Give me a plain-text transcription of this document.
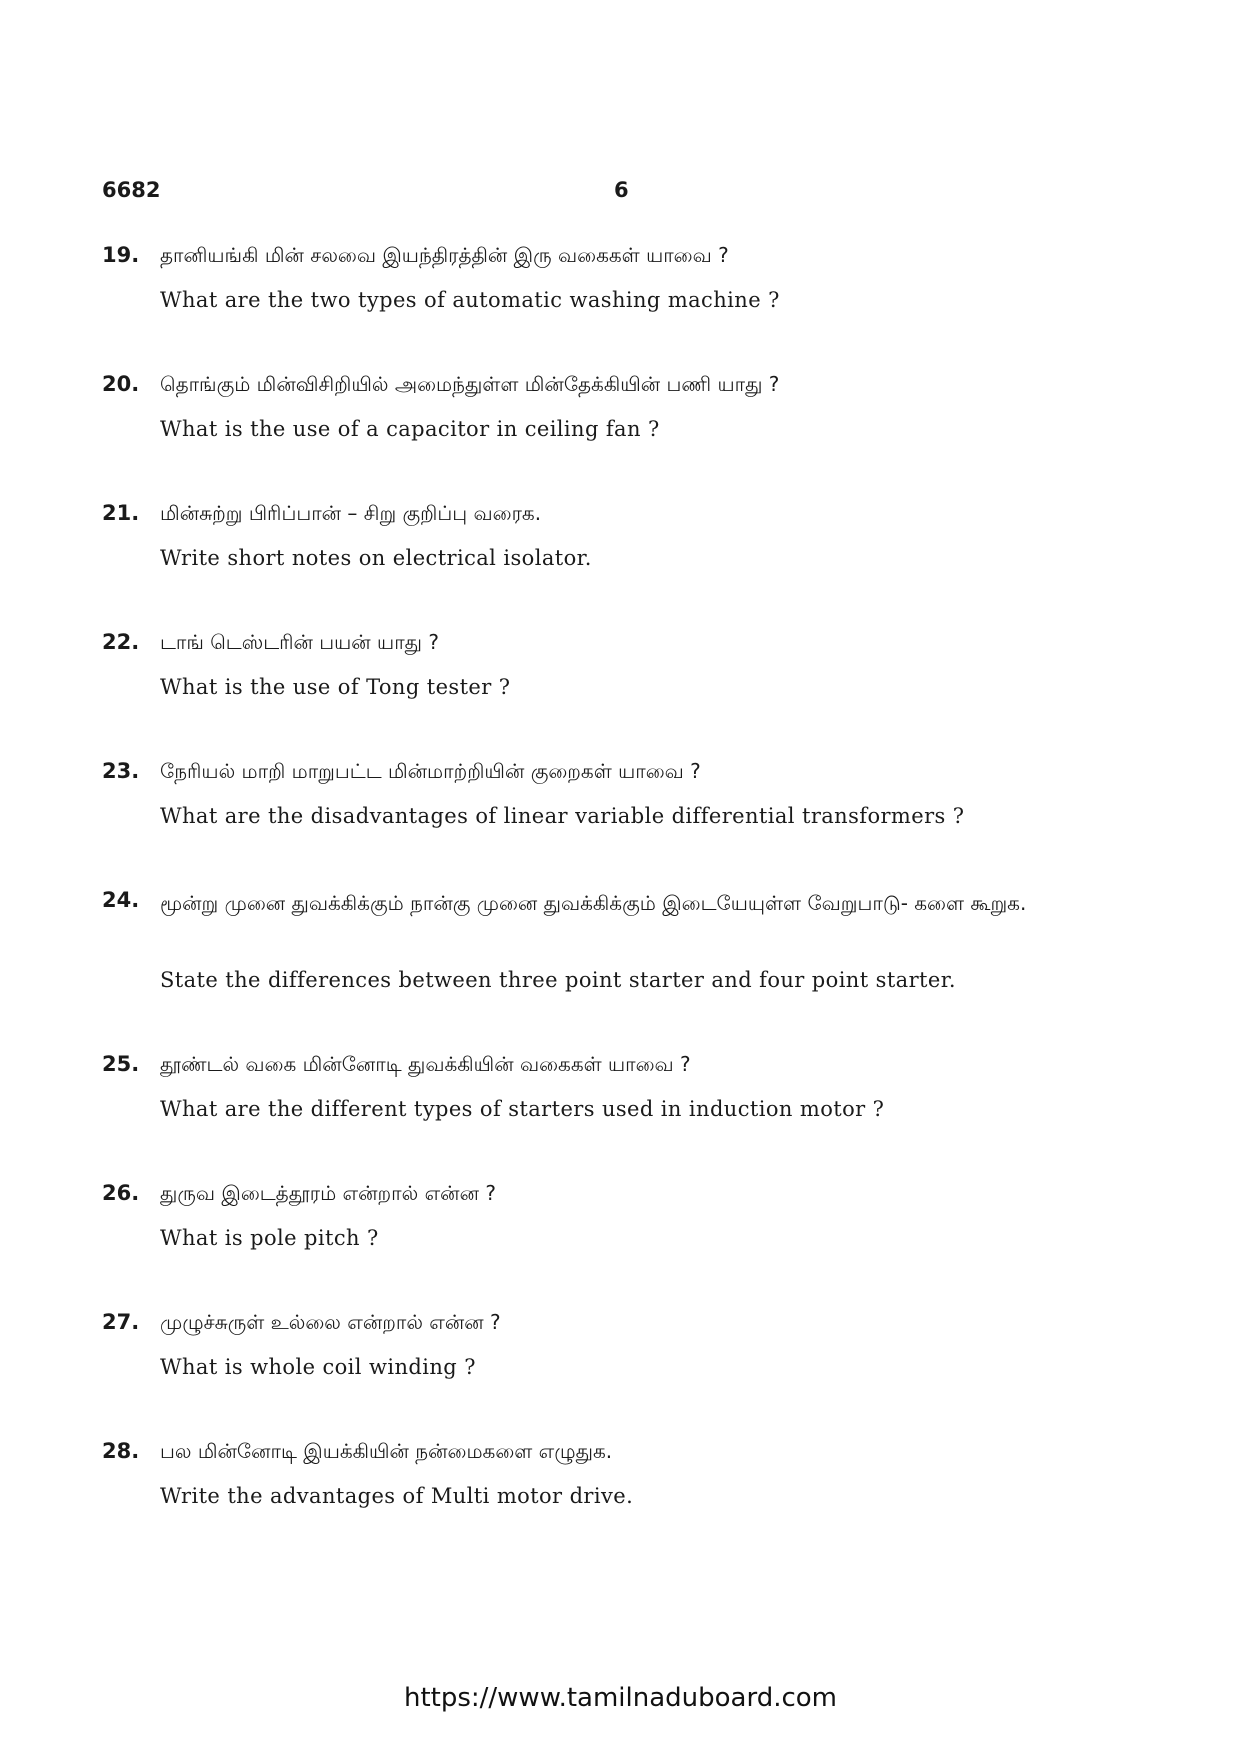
6682	6
19. தானியங்கி மின் சலவை இயந்திரத்தின் இரு வகைகள் யாவை ?
What are the two types of automatic washing machine ?
20. தொங்கும் மின்விசிறியில் அமைந்துள்ள மின்தேக்கியின் பணி யாது ?
What is the use of a capacitor in ceiling fan ?
21. மின்சுற்று பிரிப்பான் – சிறு குறிப்பு வரைக.
Write short notes on electrical isolator.
22. டாங் டெஸ்டரின் பயன் யாது ?
What is the use of Tong tester ?
23. நேரியல் மாறி மாறுபட்ட மின்மாற்றியின் குறைகள் யாவை ?
What are the disadvantages of linear variable differential transformers ?
24. மூன்று முனை துவக்கிக்கும் நான்கு முனை துவக்கிக்கும் இடையேயுள்ள வேறுபாடு- களை கூறுக.
State the differences between three point starter and four point starter.
25. தூண்டல் வகை மின்னோடி துவக்கியின் வகைகள் யாவை ?
What are the different types of starters used in induction motor ?
26. துருவ இடைத்தூரம் என்றால் என்ன ?
What is pole pitch ?
27. முழுச்சுருள் உல்லை என்றால் என்ன ?
What is whole coil winding ?
28. பல மின்னோடி இயக்கியின் நன்மைகளை எழுதுக.
Write the advantages of Multi motor drive.
https://www.tamilnaduboard.com
